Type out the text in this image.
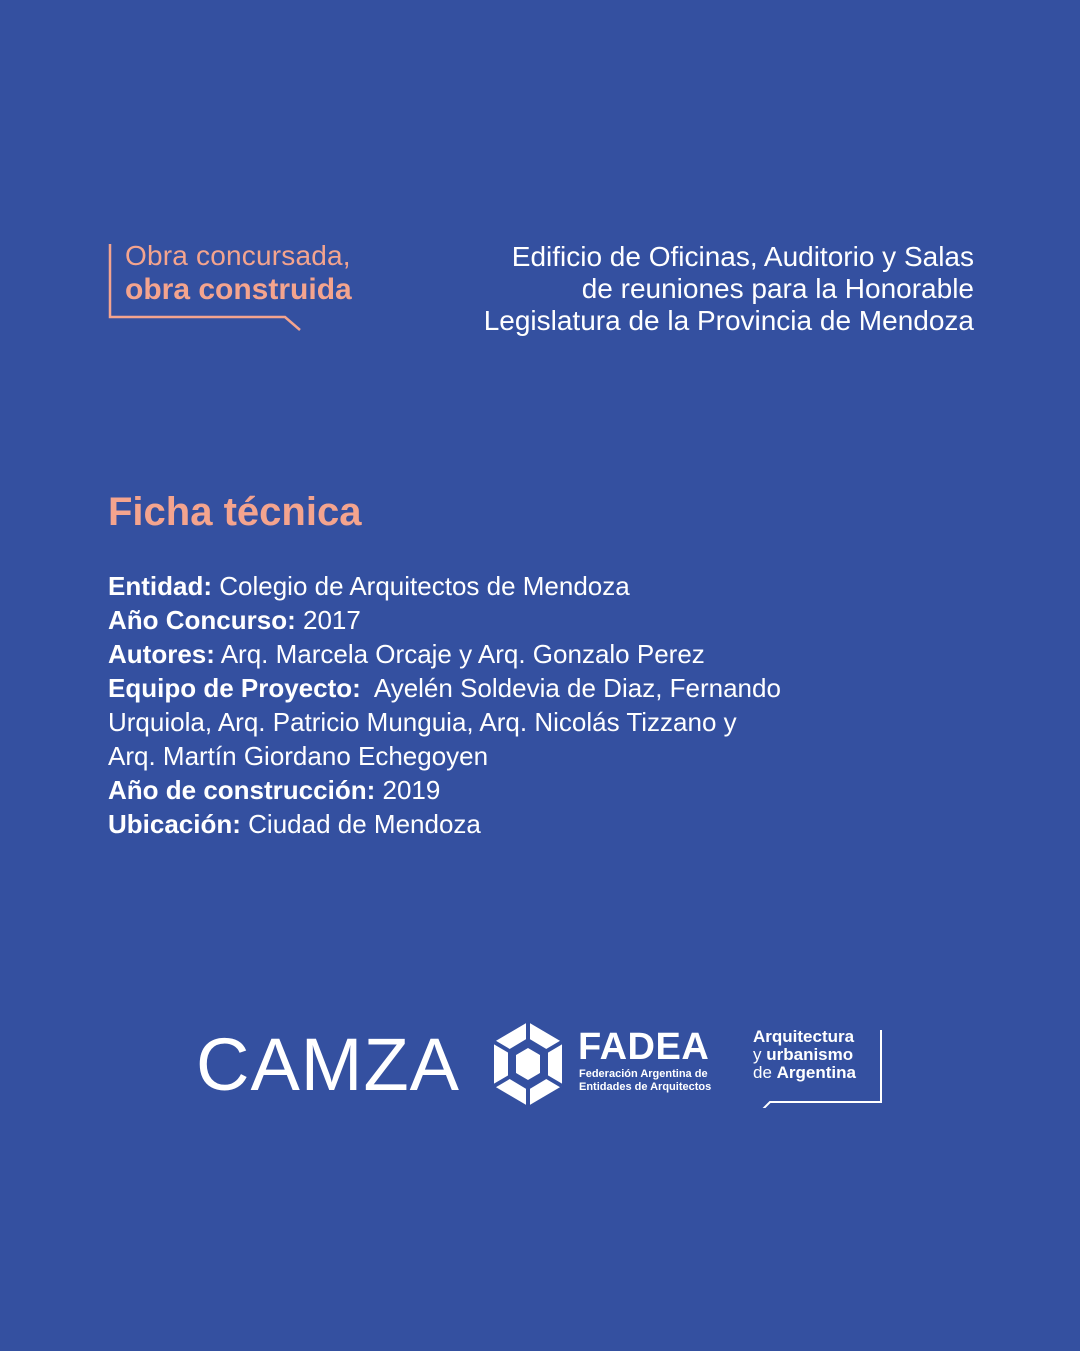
Obra concursada,
obra construida
Edificio de Oficinas, Auditorio y Salas
de reuniones para la Honorable
Legislatura de la Provincia de Mendoza
Ficha técnica
Entidad: Colegio de Arquitectos de Mendoza
Año Concurso: 2017
Autores: Arq. Marcela Orcaje y Arq. Gonzalo Perez
Equipo de Proyecto: Ayelén Soldevia de Diaz, Fernando
Urquiola, Arq. Patricio Munguia, Arq. Nicolás Tizzano y
Arq. Martín Giordano Echegoyen
Año de construcción: 2019
Ubicación: Ciudad de Mendoza
CAMZA	FADEA
Federación Argentina de
Entidades de Arquitectos
Arquitectura
y urbanismo
de Argentina
